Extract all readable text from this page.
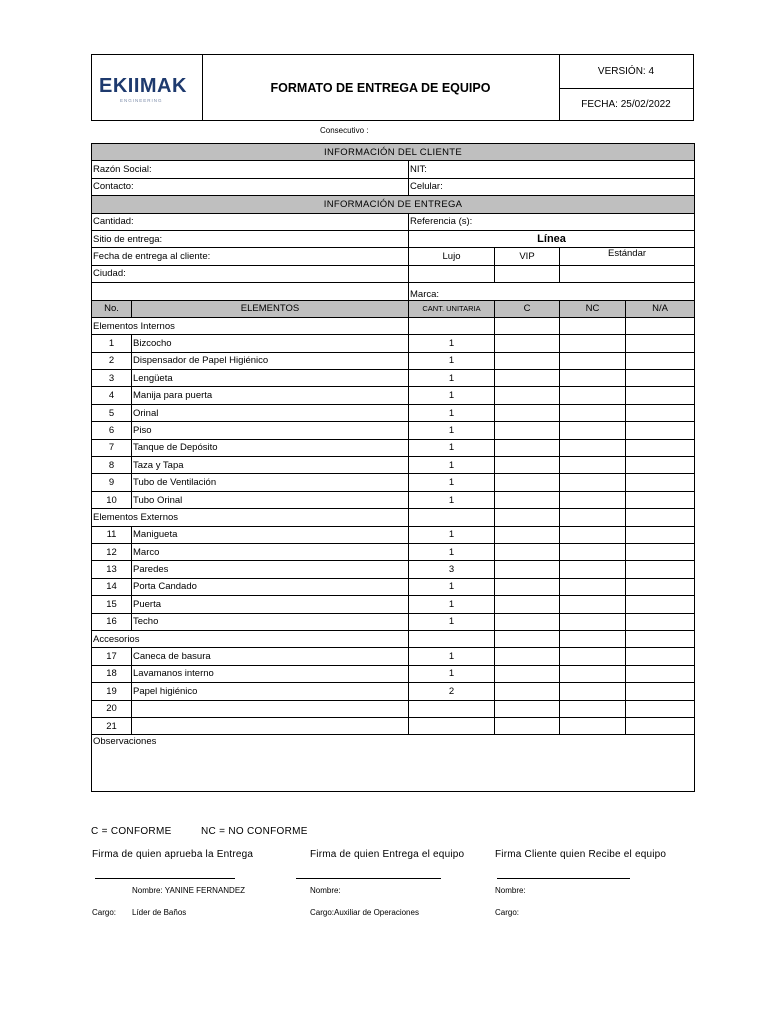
EKIIMAK
ENGINEERING
FORMATO DE ENTREGA DE EQUIPO
VERSIÓN: 4
FECHA: 25/02/2022
Consecutivo :
INFORMACIÓN DEL CLIENTE					
Razón Social:		NIT:			
Contacto:		Celular:			
INFORMACIÓN DE ENTREGA					
Cantidad:		Referencia (s):			
Sitio de entrega:		Línea			
Fecha de entrega al cliente:		Lujo	VIP	Estándar	
Ciudad:					
		Marca:			
No.	ELEMENTOS	CANT. UNITARIA	C	NC	N/A
Elementos Internos					
1	Bizcocho	1			
2	Dispensador de Papel Higiénico	1			
3	Lengüeta	1			
4	Manija para puerta	1			
5	Orinal	1			
6	Piso	1			
7	Tanque de Depósito	1			
8	Taza y Tapa	1			
9	Tubo de Ventilación	1			
10	Tubo Orinal	1			
Elementos Externos					
11	Manigueta	1			
12	Marco	1			
13	Paredes	3			
14	Porta Candado	1			
15	Puerta	1			
16	Techo	1			
Accesorios					
17	Caneca de basura	1			
18	Lavamanos interno	1			
19	Papel higiénico	2			
20					
21					
Observaciones					
C = CONFORME	NC = NO CONFORME
Firma de quien aprueba la Entrega	Firma de quien Entrega el equipo	Firma Cliente quien Recibe el equipo
Nombre: YANINE FERNANDEZ	Nombre:	Nombre:
Cargo: Líder de Baños	Cargo:Auxiliar de Operaciones	Cargo:
